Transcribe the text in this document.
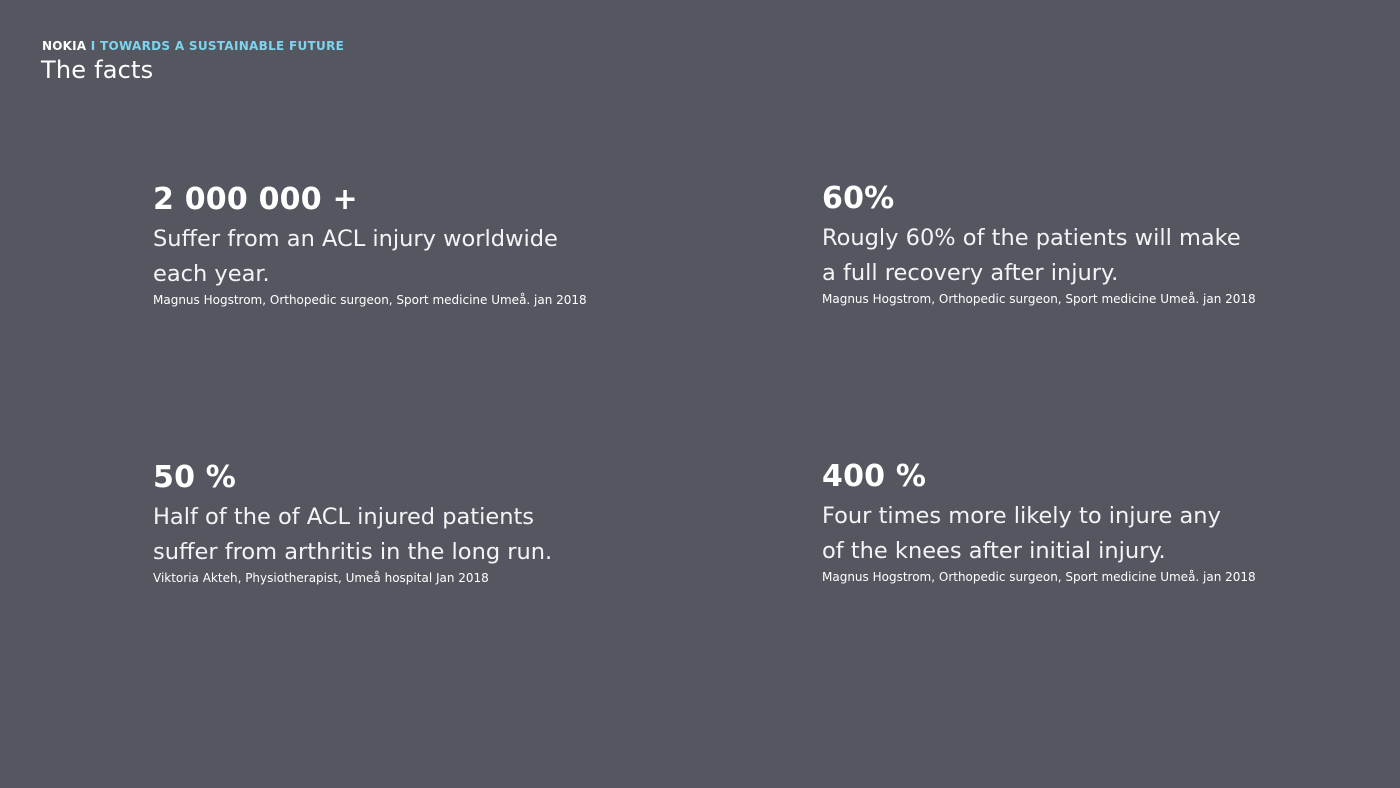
NOKIA I TOWARDS A SUSTAINABLE FUTURE
The facts
2 000 000 +
Suffer from an ACL injury worldwide
each year.
Magnus Hogstrom, Orthopedic surgeon, Sport medicine Umeå. jan 2018
60%
Rougly 60% of the patients will make
a full recovery after injury.
Magnus Hogstrom, Orthopedic surgeon, Sport medicine Umeå. jan 2018
50 %
Half of the of ACL injured patients
suffer from arthritis in the long run.
Viktoria Akteh, Physiotherapist, Umeå hospital Jan 2018
400 %
Four times more likely to injure any
of the knees after initial injury.
Magnus Hogstrom, Orthopedic surgeon, Sport medicine Umeå. jan 2018
